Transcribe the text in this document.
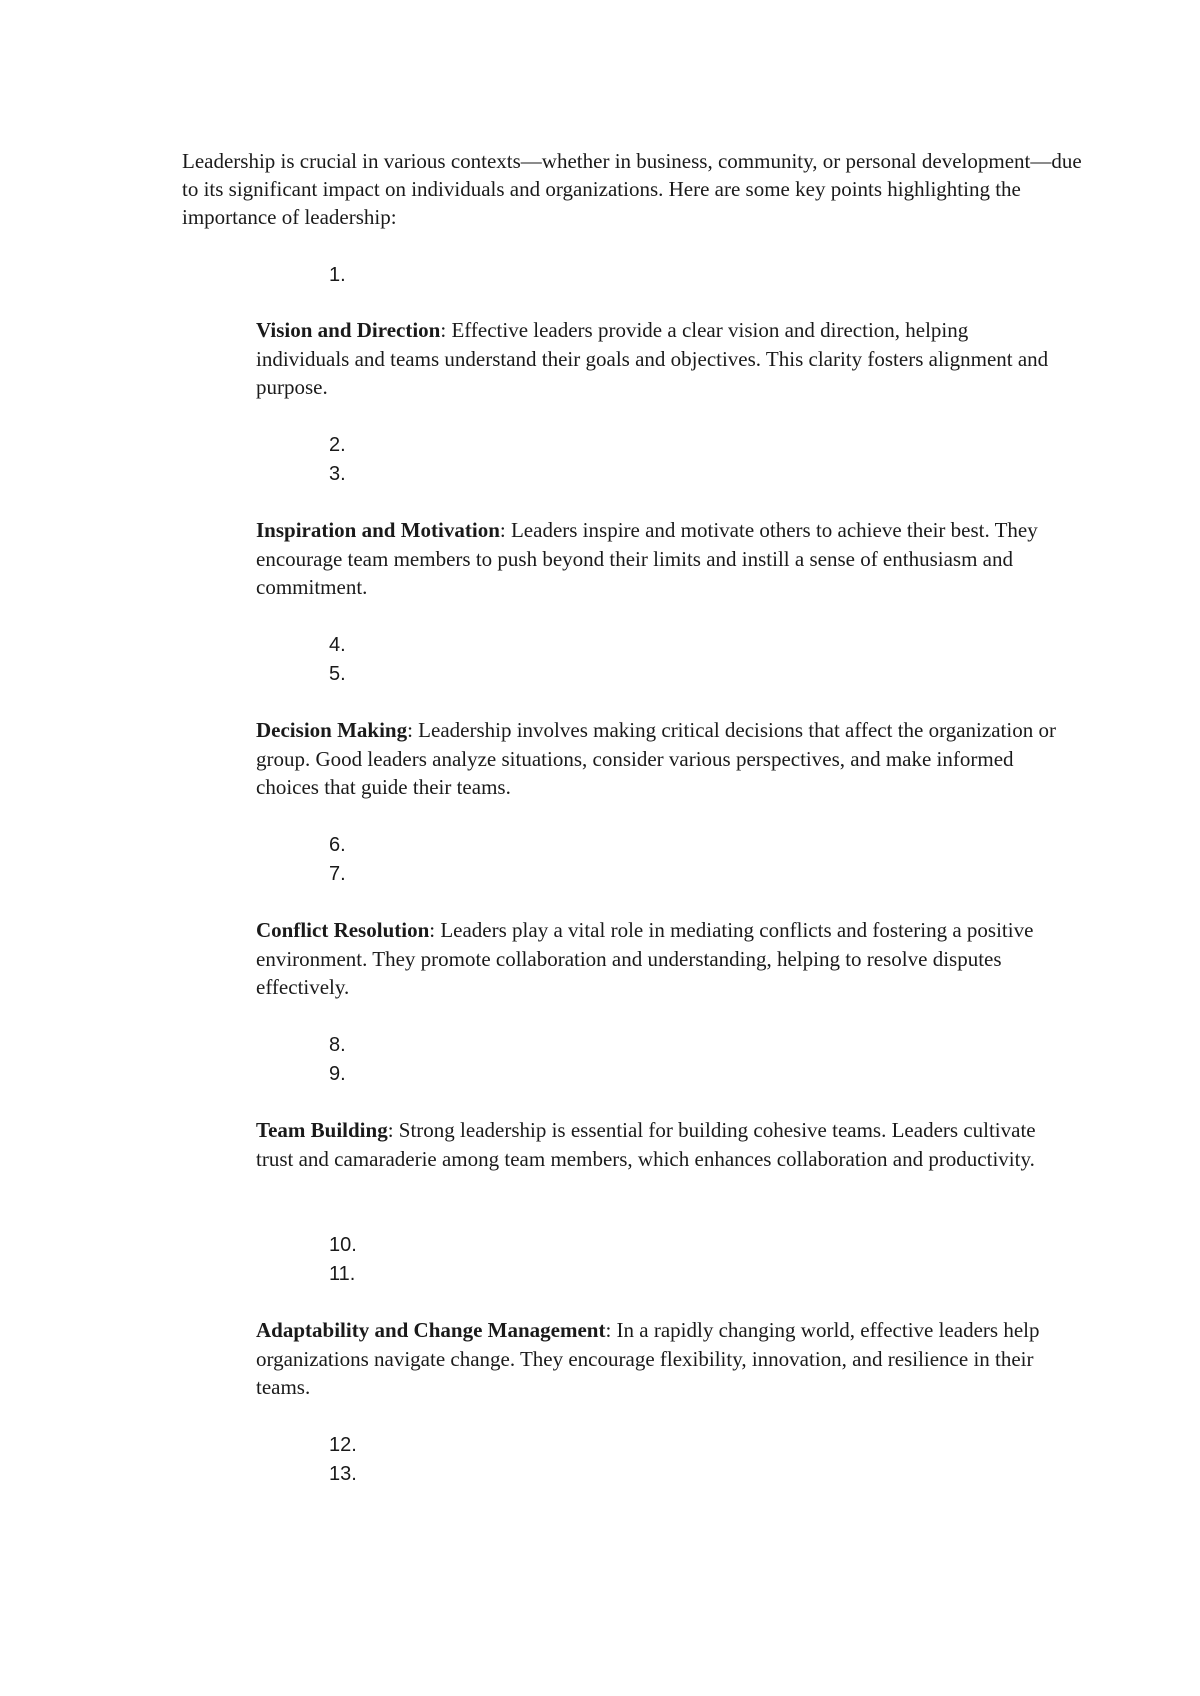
Leadership is crucial in various contexts—whether in business, community, or personal development—due to its significant impact on individuals and organizations. Here are some key points highlighting the importance of leadership:

1.

Vision and Direction: Effective leaders provide a clear vision and direction, helping individuals and teams understand their goals and objectives. This clarity fosters alignment and purpose.

2.
3.

Inspiration and Motivation: Leaders inspire and motivate others to achieve their best. They encourage team members to push beyond their limits and instill a sense of enthusiasm and commitment.

4.
5.

Decision Making: Leadership involves making critical decisions that affect the organization or group. Good leaders analyze situations, consider various perspectives, and make informed choices that guide their teams.

6.
7.

Conflict Resolution: Leaders play a vital role in mediating conflicts and fostering a positive environment. They promote collaboration and understanding, helping to resolve disputes effectively.

8.
9.

Team Building: Strong leadership is essential for building cohesive teams. Leaders cultivate trust and camaraderie among team members, which enhances collaboration and productivity.

10.
11.

Adaptability and Change Management: In a rapidly changing world, effective leaders help organizations navigate change. They encourage flexibility, innovation, and resilience in their teams.

12.
13.
